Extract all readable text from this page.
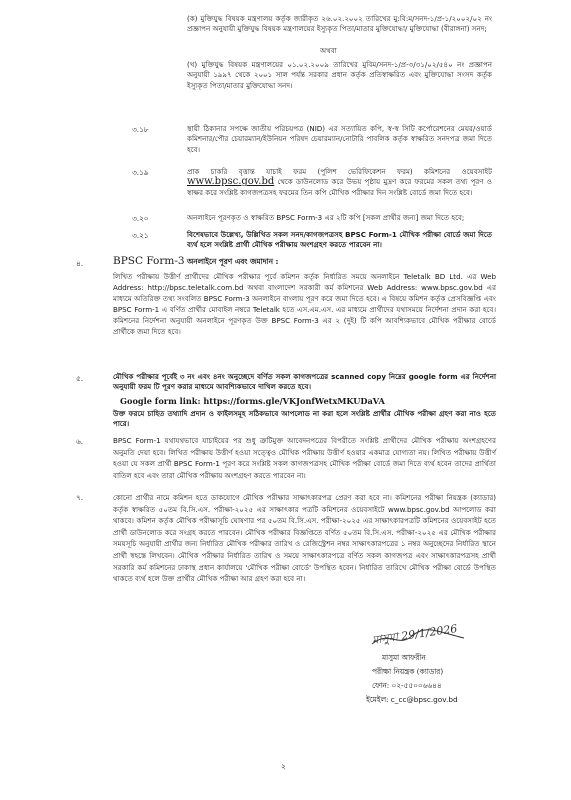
(ক) মুক্তিযুদ্ধ বিষয়ক মন্ত্রণালয় কর্তৃক জারীকৃত ২৬.০২.২০০২ তারিখের মু:বি:ম/সনদ-১/প্র-১/২০০২/০২ নং প্রজ্ঞাপন অনুযায়ী মুক্তিযুদ্ধ বিষয়ক মন্ত্রণালয়ের ইস্যুকৃত পিতা/মাতার মুক্তিযোদ্ধা/ মুক্তিযোদ্ধা (বীরাঙ্গনা) সনদ;
অথবা
(খ) মুক্তিযুদ্ধ বিষয়ক মন্ত্রণালয়ের ০১.০২.২০০৯ তারিখের মুবিম/সনদ-১/প্র-৩/৩১/০২/৫৪০ নং প্রজ্ঞাপন অনুযায়ী ১৯৯৭ থেকে ২০০১ সাল পর্যন্ত সরকার প্রধান কর্তৃক প্রতিস্বাক্ষরিত এবং মুক্তিযোদ্ধা সংসদ কর্তৃক ইস্যুকৃত পিতা/মাতার মুক্তিযোদ্ধা সনদ।
৩.১৮	স্থায়ী ঠিকানার সপক্ষে জাতীয় পরিচয়পত্র (NID) এর সত্যায়িত কপি, স্ব-স্ব সিটি কর্পোরেশনের মেয়র/ওয়ার্ড কমিশনার/পৌর চেয়ারম্যান/ইউনিয়ন পরিষদ চেয়ারম্যান/নোটারি পাবলিক কর্তৃক স্বাক্ষরিত সনদপত্র জমা দিতে হবে।
৩.১৯	প্রাক চাকরি বৃত্তান্ত যাচাই ফরম (পুলিশ ভেরিফিকেশন ফরম) কমিশনের ওয়েবসাইট www.bpsc.gov.bd থেকে ডাউনলোড করে উভয় পৃষ্ঠায় মুদ্রণ করে ফরমের সকল তথ্য পূরণ ও স্বাক্ষর করে সংশ্লিষ্ট কাগজপত্রসহ ফরমের তিন কপি মৌখিক পরীক্ষার দিন সংশ্লিষ্ট বোর্ডে জমা দিতে হবে।
৩.২০	অনলাইনে পূরণকৃত ও স্বাক্ষরিত BPSC Form-3 এর ২টি কপি [সকল প্রার্থীর জন্য] জমা দিতে হবে;
৩.২১	বিশেষভাবে উল্লেখ্য, উল্লিখিত সকল সনদ/কাগজপত্রসহ BPSC Form-1 মৌখিক পরীক্ষা বোর্ডে জমা দিতে ব্যর্থ হলে সংশ্লিষ্ট প্রার্থী মৌখিক পরীক্ষায় অংশগ্রহণ করতে পারবেন না।
৪.	BPSC Form-3 অনলাইনে পূরণ এবং জমাদান :
লিখিত পরীক্ষায় উত্তীর্ণ প্রার্থীদের মৌখিক পরীক্ষার পূর্বে কমিশন কর্তৃক নির্ধারিত সময়ে অনলাইনে Teletalk BD Ltd. এর Web Address: http://bpsc.teletalk.com.bd অথবা বাংলাদেশ সরকারী কর্ম কমিশনের Web Address: www.bpsc.gov.bd এর মাধ্যমে অতিরিক্ত তথ্য সংবলিত BPSC Form-3 অনলাইনে বাংলায় পূরণ করে জমা দিতে হবে। এ বিষয়ে কমিশন কর্তৃক প্রেসবিজ্ঞপ্তি এবং BPSC Form-1 এ বর্ণিত প্রার্থীর মোবাইল নম্বরে Teletalk হতে এস.এম.এস. এর মাধ্যমে প্রার্থীদের যথাসময়ে নির্দেশনা প্রদান করা হবে। কমিশনের নির্দেশনা অনুযায়ী অনলাইনে পূরণকৃত উক্ত BPSC Form-3 এর ২ (দুই) টি কপি আবশ্যিকভাবে মৌখিক পরীক্ষার বোর্ডে প্রার্থীকে জমা দিতে হবে।
৫.	মৌখিক পরীক্ষার পূর্বেই ৩ নং এবং ৪নং অনুচ্ছেদে বর্ণিত সকল কাগজপত্রের scanned copy নিম্নের google form এর নির্দেশনা অনুযায়ী ফরম টি পূরণ করার মাধ্যমে আবশ্যিকভাবে দাখিল করতে হবে।
Google form link: https://forms.gle/VKJonfWetxMKUDaVA
উক্ত ফরমে চাহিত তথ্যাদি প্রদান ও ফাইলসমূহ সঠিকভাবে আপলোড না করা হলে সংশ্লিষ্ট প্রার্থীর মৌখিক পরীক্ষা গ্রহণ করা নাও হতে পারে।
৬.	BPSC Form-1 যথাযথভাবে যাচাইয়ের পর শুধু ত্রুটিমুক্ত আবেদনপত্রের বিপরীতে সংশ্লিষ্ট প্রার্থীদের মৌখিক পরীক্ষায় অংশগ্রহণের অনুমতি দেয়া হবে। লিখিত পরীক্ষায় উত্তীর্ণ হওয়া সত্ত্বেও মৌখিক পরীক্ষায় উত্তীর্ণ হওয়ার একমাত্র যোগ্যতা নয়। লিখিত পরীক্ষায় উত্তীর্ণ হওয়া যে সকল প্রার্থী BPSC Form-1 পূরণ করে সংশ্লিষ্ট সকল কাগজপত্রসহ মৌখিক পরীক্ষা বোর্ডে জমা দিতে ব্যর্থ হবেন তাদের প্রার্থিতা বাতিল হবে এবং তারা মৌখিক পরীক্ষায় অংশগ্রহণ করতে পারবেন না।
৭.	কোনো প্রার্থীর নামে কমিশন হতে ডাকযোগে মৌখিক পরীক্ষার সাক্ষাৎকারপত্র প্রেরণ করা হবে না। কমিশনের পরীক্ষা নিয়ন্ত্রক (ক্যাডার) কর্তৃক স্বাক্ষরিত ৫০তম বি.সি.এস. পরীক্ষা-২০২৫ এর সাক্ষাৎকার পত্রটি কমিশনের ওয়েবসাইটে www.bpsc.gov.bd আপলোড করা থাকবে। কমিশন কর্তৃক মৌখিক পরীক্ষাসূচি ঘোষণার পর ৫০তম বি.সি.এস. পরীক্ষা-২০২৫ এর সাক্ষাৎকারপত্রটি কমিশনের ওয়েবসাইট হতে প্রার্থী ডাউনলোড করে সংগ্রহ করতে পারবেন। মৌখিক পরীক্ষার বিজ্ঞপ্তিতে বর্ণিত ৫০তম বি.সি.এস. পরীক্ষা-২০২৫ এর মৌখিক পরীক্ষার সময়সূচি অনুযায়ী প্রার্থীর জন্য নির্ধারিত মৌখিক পরীক্ষার তারিখ ও রেজিস্ট্রেশন নম্বর সাক্ষাৎকারপত্রের ১ নম্বর অনুচ্ছেদের নির্ধারিত স্থানে প্রার্থী স্বহস্তে লিখবেন। মৌখিক পরীক্ষার নির্ধারিত তারিখ ও সময়ে সাক্ষাৎকারপত্রে বর্ণিত সকল কাগজপত্র এবং সাক্ষাৎকারপত্রসহ প্রার্থী সরকারি কর্ম কমিশনের ঢাকাস্থ প্রধান কার্যালয়ে 'মৌখিক পরীক্ষা বোর্ডে' উপস্থিত হবেন। নির্ধারিত তারিখে মৌখিক পরীক্ষা বোর্ডে উপস্থিত থাকতে ব্যর্থ হলে উক্ত প্রার্থীর মৌখিক পরীক্ষা আর গ্রহণ করা হবে না।
মাসুমা 29/1/2026
মাসুমা আফরীন
পরীক্ষা নিয়ন্ত্রক (ক্যাডার)
ফোন: ০২-৫৫০০৬৬৪৪
ইমেইল: c_cc@bpsc.gov.bd
২
